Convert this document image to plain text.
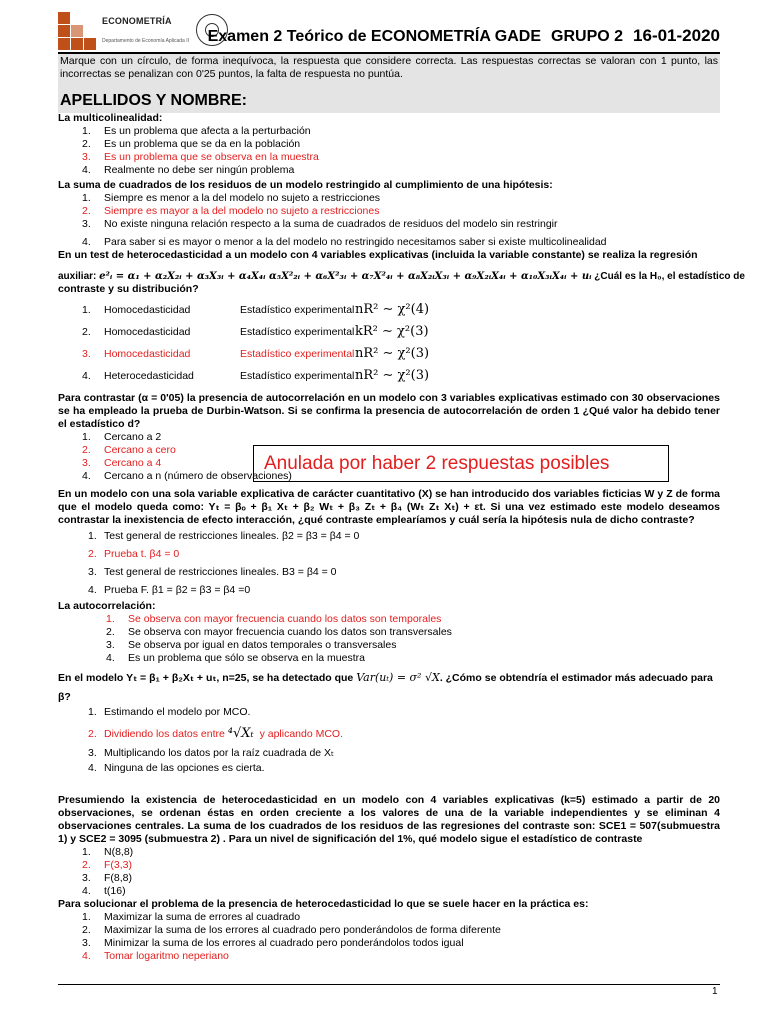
ECONOMETRÍA
Departamento de Economía Aplicada II Examen 2 Teórico de ECONOMETRÍA GADE GRUPO 2 16-01-2020
Marque con un círculo, de forma inequívoca, la respuesta que considere correcta. Las respuestas correctas se valoran con 1 punto, las incorrectas se penalizan con 0'25 puntos, la falta de respuesta no puntúa.
APELLIDOS Y NOMBRE:
La multicolinealidad:
1. Es un problema que afecta a la perturbación
2. Es un problema que se da en la población
3. Es un problema que se observa en la muestra
4. Realmente no debe ser ningún problema
La suma de cuadrados de los residuos de un modelo restringido al cumplimiento de una hipótesis:
1. Siempre es menor a la del modelo no sujeto a restricciones
2. Siempre es mayor a la del modelo no sujeto a restricciones
3. No existe ninguna relación respecto a la suma de cuadrados de residuos del modelo sin restringir
4. Para saber si es mayor o menor a la del modelo no restringido necesitamos saber si existe multicolinealidad
En un test de heterocedasticidad a un modelo con 4 variables explicativas (incluida la variable constante) se realiza la regresión
auxiliar: e²ᵢ = α₁ + α₂X₂ᵢ + α₃X₃ᵢ + α₄X₄ᵢ α₅X²₂ᵢ + α₆X²₃ᵢ + α₇X²₄ᵢ + α₈X₂ᵢX₃ᵢ + α₉X₂ᵢX₄ᵢ + α₁₀X₃ᵢX₄ᵢ + uᵢ ¿Cuál es la H₀, el estadístico de
contraste y su distribución?
1. Homocedasticidad	Estadístico experimental nR² ∼ χ²(4)
2. Homocedasticidad	Estadístico experimental kR² ∼ χ²(3)
3. Homocedasticidad	Estadístico experimental nR² ∼ χ²(3)
4. Heterocedasticidad	Estadístico experimental nR² ∼ χ²(3)
Para contrastar (α = 0'05) la presencia de autocorrelación en un modelo con 3 variables explicativas estimado con 30 observaciones se ha empleado la prueba de Durbin-Watson. Si se confirma la presencia de autocorrelación de orden 1 ¿Qué valor ha debido tener el estadístico d?
1. Cercano a 2
2. Cercano a cero
3. Cercano a 4
4. Cercano a n (número de observaciones)
En un modelo con una sola variable explicativa de carácter cuantitativo (X) se han introducido dos variables ficticias W y Z de forma que el modelo queda como: Yₜ = βₒ + β₁ Xₜ + β₂ Wₜ + β₃ Zₜ + β₄ (Wₜ Zₜ Xₜ) + εt. Si una vez estimado este modelo deseamos contrastar la inexistencia de efecto interacción, ¿qué contraste emplearíamos y cuál sería la hipótesis nula de dicho contraste?
1. Test general de restricciones lineales. β2 = β3 = β4 = 0
2. Prueba t. β4 = 0
3. Test general de restricciones lineales. B3 = β4 = 0
4. Prueba F. β1 = β2 = β3 = β4 =0
La autocorrelación:
1. Se observa con mayor frecuencia cuando los datos son temporales
2. Se observa con mayor frecuencia cuando los datos son transversales
3. Se observa por igual en datos temporales o transversales
4. Es un problema que sólo se observa en la muestra
En el modelo Yₜ = β₁ + β₂Xₜ + uₜ, n=25, se ha detectado que Var(uₜ) = σ² √X. ¿Cómo se obtendría el estimador más adecuado para
β?
1. Estimando el modelo por MCO.
2. Dividiendo los datos entre ⁴√Xₜ y aplicando MCO.
3. Multiplicando los datos por la raíz cuadrada de Xₜ
4. Ninguna de las opciones es cierta.
Presumiendo la existencia de heterocedasticidad en un modelo con 4 variables explicativas (k=5) estimado a partir de 20 observaciones, se ordenan éstas en orden creciente a los valores de una de la variable independientes y se eliminan 4 observaciones centrales. La suma de los cuadrados de los residuos de las regresiones del contraste son: SCE1 = 507(submuestra 1) y SCE2 = 3095 (submuestra 2) . Para un nivel de significación del 1%, qué modelo sigue el estadístico de contraste
1. N(8,8)
2. F(3,3)
3. F(8,8)
4. t(16)
Para solucionar el problema de la presencia de heterocedasticidad lo que se suele hacer en la práctica es:
1. Maximizar la suma de errores al cuadrado
2. Maximizar la suma de los errores al cuadrado pero ponderándolos de forma diferente
3. Minimizar la suma de los errores al cuadrado pero ponderándolos todos igual
4. Tomar logaritmo neperiano
Anulada por haber 2 respuestas posibles
1
